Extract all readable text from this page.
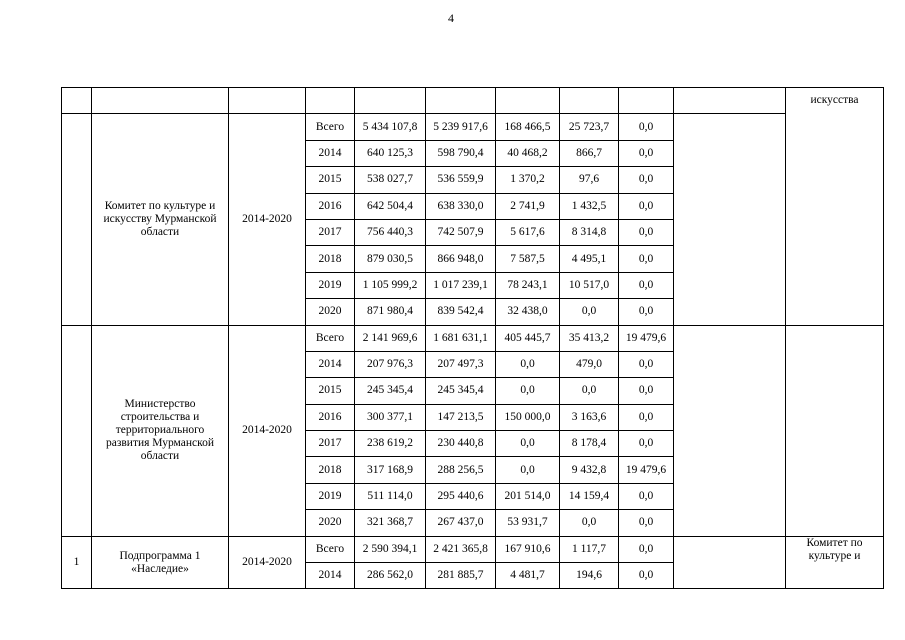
4
										искусства
	Комитет по культуре и искусству Мурманской области	2014-2020	Всего	5 434 107,8	5 239 917,6	168 466,5	25 723,7	0,0		
			2014	640 125,3	598 790,4	40 468,2	866,7	0,0		
			2015	538 027,7	536 559,9	1 370,2	97,6	0,0		
			2016	642 504,4	638 330,0	2 741,9	1 432,5	0,0		
			2017	756 440,3	742 507,9	5 617,6	8 314,8	0,0		
			2018	879 030,5	866 948,0	7 587,5	4 495,1	0,0		
			2019	1 105 999,2	1 017 239,1	78 243,1	10 517,0	0,0		
			2020	871 980,4	839 542,4	32 438,0	0,0	0,0		
	Министерство строительства и территориального развития Мурманской области	2014-2020	Всего	2 141 969,6	1 681 631,1	405 445,7	35 413,2	19 479,6		
			2014	207 976,3	207 497,3	0,0	479,0	0,0		
			2015	245 345,4	245 345,4	0,0	0,0	0,0		
			2016	300 377,1	147 213,5	150 000,0	3 163,6	0,0		
			2017	238 619,2	230 440,8	0,0	8 178,4	0,0		
			2018	317 168,9	288 256,5	0,0	9 432,8	19 479,6		
			2019	511 114,0	295 440,6	201 514,0	14 159,4	0,0		
			2020	321 368,7	267 437,0	53 931,7	0,0	0,0		
1	Подпрограмма 1 «Наследие»	2014-2020	Всего	2 590 394,1	2 421 365,8	167 910,6	1 117,7	0,0		Комитет по культуре и
			2014	286 562,0	281 885,7	4 481,7	194,6	0,0		
